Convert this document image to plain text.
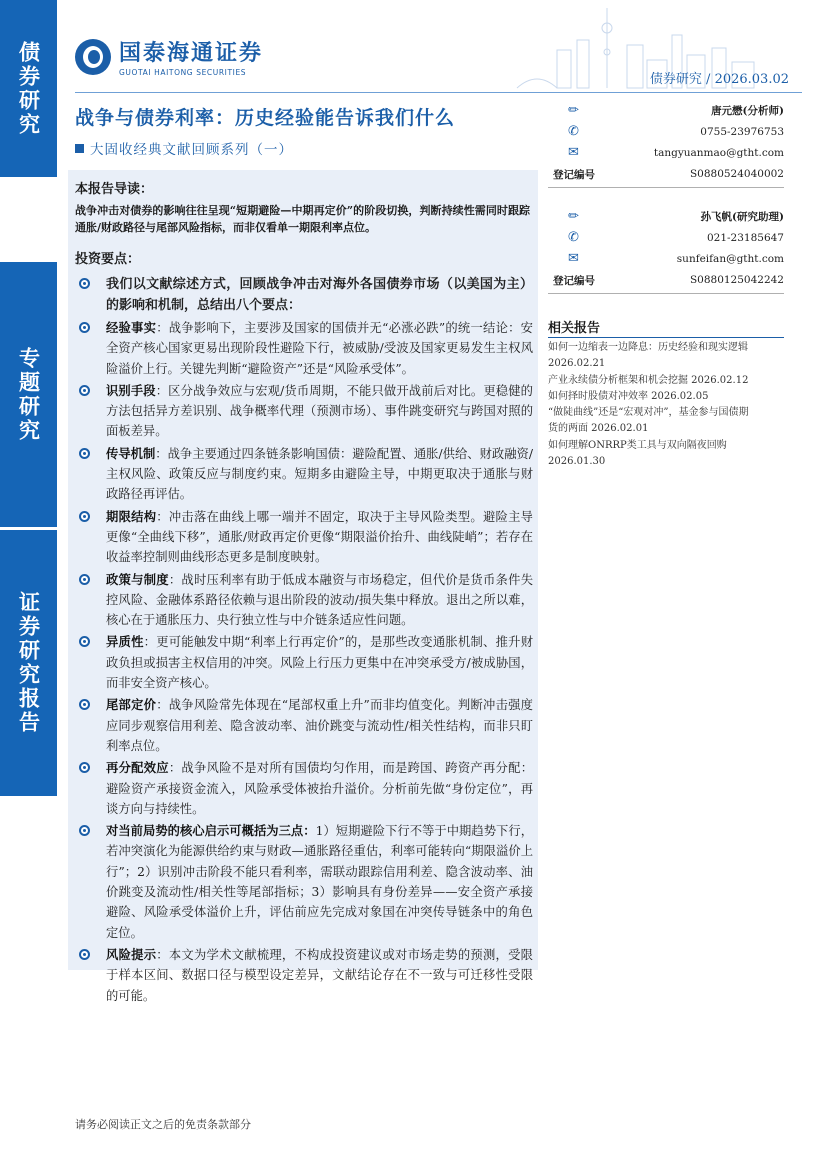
债券研究
专题研究
证券研究报告
国泰海通证券
GUOTAI HAITONG SECURITIES	债券研究 / 2026.03.02
战争与债券利率：历史经验能告诉我们什么
大固收经典文献回顾系列（一）
本报告导读：
战争冲击对债券的影响往往呈现“短期避险—中期再定价”的阶段切换，判断持续性需同时跟踪通胀/财政路径与尾部风险指标，而非仅看单一期限利率点位。
投资要点：
我们以文献综述方式，回顾战争冲击对海外各国债券市场（以美国为主）的影响和机制，总结出八个要点：
经验事实：战争影响下，主要涉及国家的国债并无“必涨必跌”的统一结论：安全资产核心国家更易出现阶段性避险下行，被威胁/受波及国家更易发生主权风险溢价上行。关键先判断“避险资产”还是“风险承受体”。
识别手段：区分战争效应与宏观/货币周期，不能只做开战前后对比。更稳健的方法包括异方差识别、战争概率代理（预测市场）、事件跳变研究与跨国对照的面板差异。
传导机制：战争主要通过四条链条影响国债：避险配置、通胀/供给、财政融资/主权风险、政策反应与制度约束。短期多由避险主导，中期更取决于通胀与财政路径再评估。
期限结构：冲击落在曲线上哪一端并不固定，取决于主导风险类型。避险主导更像“全曲线下移”，通胀/财政再定价更像“期限溢价抬升、曲线陡峭”；若存在收益率控制则曲线形态更多是制度映射。
政策与制度：战时压利率有助于低成本融资与市场稳定，但代价是货币条件失控风险、金融体系路径依赖与退出阶段的波动/损失集中释放。退出之所以难，核心在于通胀压力、央行独立性与中介链条适应性问题。
异质性：更可能触发中期“利率上行再定价”的，是那些改变通胀机制、推升财政负担或损害主权信用的冲突。风险上行压力更集中在冲突承受方/被成胁国，而非安全资产核心。
尾部定价：战争风险常先体现在“尾部权重上升”而非均值变化。判断冲击强度应同步观察信用利差、隐含波动率、油价跳变与流动性/相关性结构，而非只盯利率点位。
再分配效应：战争风险不是对所有国债均匀作用，而是跨国、跨资产再分配：避险资产承接资金流入，风险承受体被抬升溢价。分析前先做“身份定位”，再谈方向与持续性。
对当前局势的核心启示可概括为三点：1）短期避险下行不等于中期趋势下行，若冲突演化为能源供给约束与财政—通胀路径重估，利率可能转向“期限溢价上行”；2）识别冲击阶段不能只看利率，需联动跟踪信用利差、隐含波动率、油价跳变及流动性/相关性等尾部指标；3）影响具有身份差异——安全资产承接避险、风险承受体溢价上升，评估前应先完成对象国在冲突传导链条中的角色定位。
风险提示：本文为学术文献梳理，不构成投资建议或对市场走势的预测，受限于样本区间、数据口径与模型设定差异，文献结论存在不一致与可迁移性受限的可能。
✏	唐元懋(分析师)
✆	0755-23976753
✉	tangyuanmao@gtht.com
登记编号	S0880524040002
✏	孙飞帆(研究助理)
✆	021-23185647
✉	sunfeifan@gtht.com
登记编号	S0880125042242
相关报告
如何一边缩表一边降息：历史经验和现实逻辑
2026.02.21
产业永续债分析框架和机会挖掘 2026.02.12
如何择时股债对冲效率 2026.02.05
“做陡曲线”还是“宏观对冲”，基金参与国债期
货的两面 2026.02.01
如何理解ONRRP类工具与双向隔夜回购
2026.01.30
请务必阅读正文之后的免责条款部分
